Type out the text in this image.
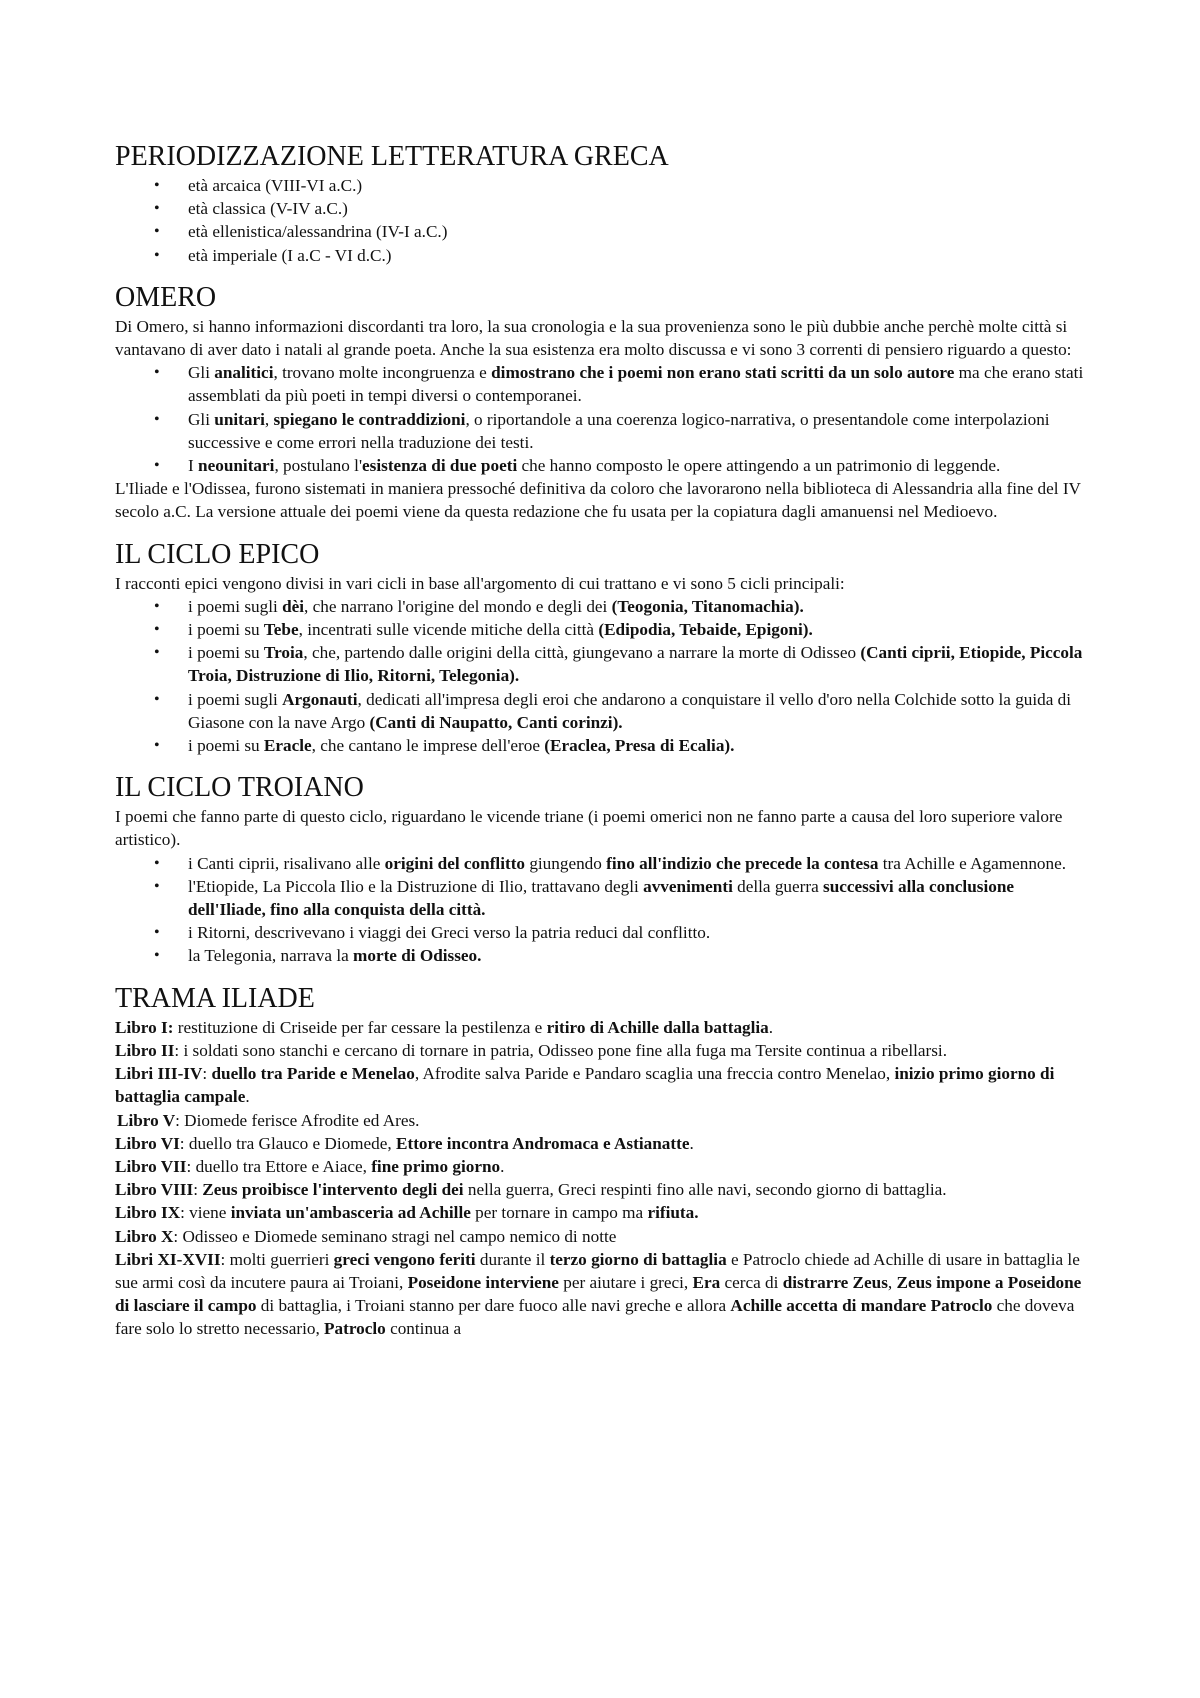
PERIODIZZAZIONE LETTERATURA GRECA
• età arcaica (VIII-VI a.C.)
• età classica (V-IV a.C.)
• età ellenistica/alessandrina (IV-I a.C.)
• età imperiale (I a.C - VI d.C.)
OMERO

Di Omero, si hanno informazioni discordanti tra loro, la sua cronologia e la sua provenienza sono le più dubbie anche perchè molte città si vantavano di aver dato i natali al grande poeta. Anche la sua esistenza era molto discussa e vi sono 3 correnti di pensiero riguardo a questo:

• Gli analitici, trovano molte incongruenza e dimostrano che i poemi non erano stati scritti da un solo autore ma che erano stati assemblati da più poeti in tempi diversi o contemporanei.
• Gli unitari, spiegano le contraddizioni, o riportandole a una coerenza logico-narrativa, o presentandole come interpolazioni successive e come errori nella traduzione dei testi.
• I neounitari, postulano l'esistenza di due poeti che hanno composto le opere attingendo a un patrimonio di leggende.

L'Iliade e l'Odissea, furono sistemati in maniera pressoché definitiva da coloro che lavorarono nella biblioteca di Alessandria alla fine del IV secolo a.C. La versione attuale dei poemi viene da questa redazione che fu usata per la copiatura dagli amanuensi nel Medioevo.

IL CICLO EPICO

I racconti epici vengono divisi in vari cicli in base all'argomento di cui trattano e vi sono 5 cicli principali:

• i poemi sugli dèi, che narrano l'origine del mondo e degli dei (Teogonia, Titanomachia).
• i poemi su Tebe, incentrati sulle vicende mitiche della città (Edipodia, Tebaide, Epigoni).
• i poemi su Troia, che, partendo dalle origini della città, giungevano a narrare la morte di Odisseo (Canti ciprii, Etiopide, Piccola Troia, Distruzione di Ilio, Ritorni, Telegonia).
• i poemi sugli Argonauti, dedicati all'impresa degli eroi che andarono a conquistare il vello d'oro nella Colchide sotto la guida di Giasone con la nave Argo (Canti di Naupatto, Canti corinzi).
• i poemi su Eracle, che cantano le imprese dell'eroe (Eraclea, Presa di Ecalia).
IL CICLO TROIANO

I poemi che fanno parte di questo ciclo, riguardano le vicende triane (i poemi omerici non ne fanno parte a causa del loro superiore valore artistico).

• i Canti ciprii, risalivano alle origini del conflitto giungendo fino all'indizio che precede la contesa tra Achille e Agamennone.
• l'Etiopide, La Piccola Ilio e la Distruzione di Ilio, trattavano degli avvenimenti della guerra successivi alla conclusione dell'Iliade, fino alla conquista della città.
• i Ritorni, descrivevano i viaggi dei Greci verso la patria reduci dal conflitto.
• la Telegonia, narrava la morte di Odisseo.
TRAMA ILIADE

Libro I: restituzione di Criseide per far cessare la pestilenza e ritiro di Achille dalla battaglia.

Libro II: i soldati sono stanchi e cercano di tornare in patria, Odisseo pone fine alla fuga ma Tersite continua a ribellarsi.

Libri III-IV: duello tra Paride e Menelao, Afrodite salva Paride e Pandaro scaglia una freccia contro Menelao, inizio primo giorno di battaglia campale.

Libro V: Diomede ferisce Afrodite ed Ares.

Libro VI: duello tra Glauco e Diomede, Ettore incontra Andromaca e Astianatte.

Libro VII: duello tra Ettore e Aiace, fine primo giorno.

Libro VIII: Zeus proibisce l'intervento degli dei nella guerra, Greci respinti fino alle navi, secondo giorno di battaglia.

Libro IX: viene inviata un'ambasceria ad Achille per tornare in campo ma rifiuta.

Libro X: Odisseo e Diomede seminano stragi nel campo nemico di notte

Libri XI-XVII: molti guerrieri greci vengono feriti durante il terzo giorno di battaglia e Patroclo chiede ad Achille di usare in battaglia le sue armi così da incutere paura ai Troiani, Poseidone interviene per aiutare i greci, Era cerca di distrarre Zeus, Zeus impone a Poseidone di lasciare il campo di battaglia, i Troiani stanno per dare fuoco alle navi greche e allora Achille accetta di mandare Patroclo che doveva fare solo lo stretto necessario, Patroclo continua a
